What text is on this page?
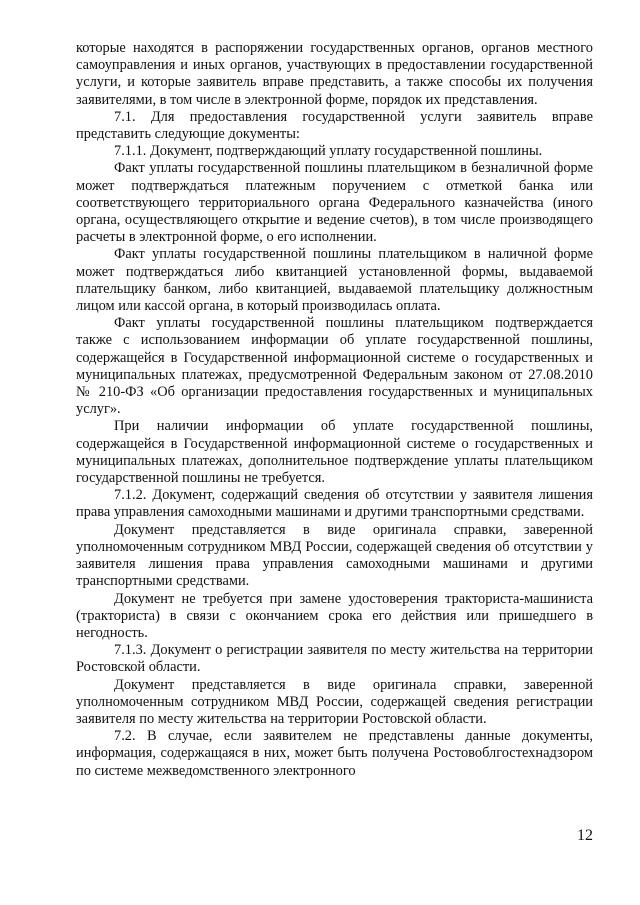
которые находятся в распоряжении государственных органов, органов местного самоуправления и иных органов, участвующих в предоставлении государственной услуги, и которые заявитель вправе представить, а также способы их получения заявителями, в том числе в электронной форме, порядок их представления.

7.1. Для предоставления государственной услуги заявитель вправе представить следующие документы:

7.1.1. Документ, подтверждающий уплату государственной пошлины.

Факт уплаты государственной пошлины плательщиком в безналичной форме может подтверждаться платежным поручением с отметкой банка или соответствующего территориального органа Федерального казначейства (иного органа, осуществляющего открытие и ведение счетов), в том числе производящего расчеты в электронной форме, о его исполнении.

Факт уплаты государственной пошлины плательщиком в наличной форме может подтверждаться либо квитанцией установленной формы, выдаваемой плательщику банком, либо квитанцией, выдаваемой плательщику должностным лицом или кассой органа, в который производилась оплата.

Факт уплаты государственной пошлины плательщиком подтверждается также с использованием информации об уплате государственной пошлины, содержащейся в Государственной информационной системе о государственных и муниципальных платежах, предусмотренной Федеральным законом от 27.08.2010 № 210-ФЗ «Об организации предоставления государственных и муниципальных услуг».

При наличии информации об уплате государственной пошлины, содержащейся в Государственной информационной системе о государственных и муниципальных платежах, дополнительное подтверждение уплаты плательщиком государственной пошлины не требуется.

7.1.2. Документ, содержащий сведения об отсутствии у заявителя лишения права управления самоходными машинами и другими транспортными средствами.

Документ представляется в виде оригинала справки, заверенной уполномоченным сотрудником МВД России, содержащей сведения об отсутствии у заявителя лишения права управления самоходными машинами и другими транспортными средствами.

Документ не требуется при замене удостоверения тракториста-машиниста (тракториста) в связи с окончанием срока его действия или пришедшего в негодность.

7.1.3. Документ о регистрации заявителя по месту жительства на территории Ростовской области.

Документ представляется в виде оригинала справки, заверенной уполномоченным сотрудником МВД России, содержащей сведения регистрации заявителя по месту жительства на территории Ростовской области.

7.2. В случае, если заявителем не представлены данные документы, информация, содержащаяся в них, может быть получена Ростовоблгостехнадзором по системе межведомственного электронного

12
